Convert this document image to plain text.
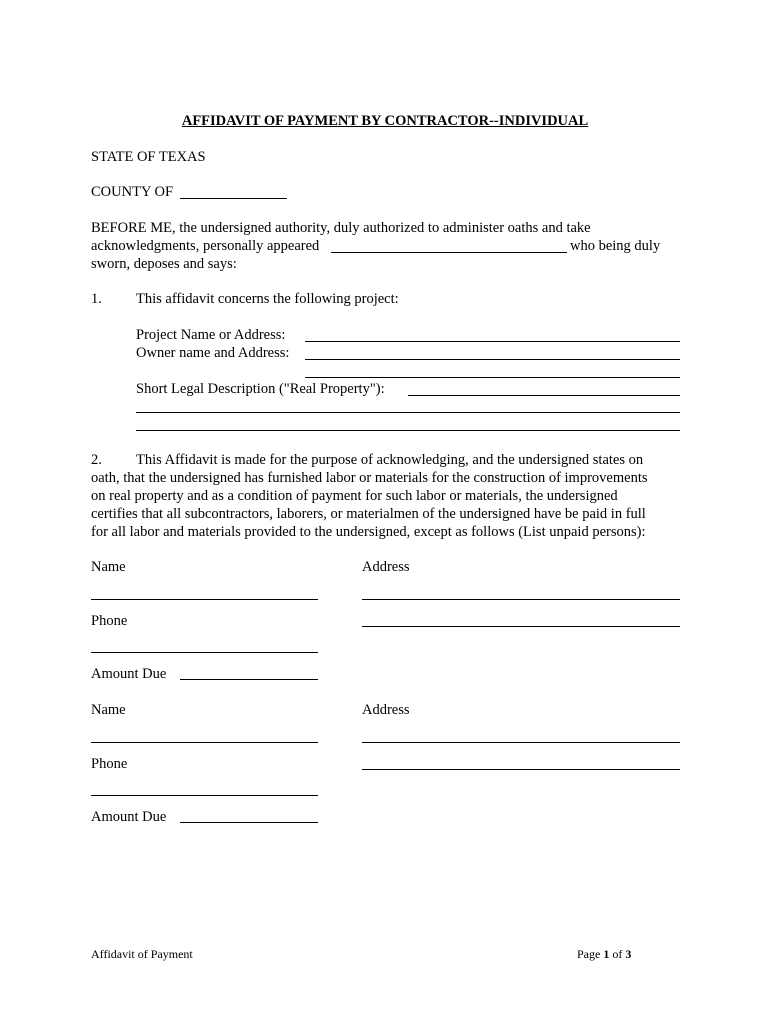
AFFIDAVIT OF PAYMENT BY CONTRACTOR--INDIVIDUAL
STATE OF TEXAS
COUNTY OF
BEFORE ME, the undersigned authority, duly authorized to administer oaths and take
acknowledgments, personally appeared	who being duly
sworn, deposes and says:
1. This affidavit concerns the following project:
Project Name or Address:
Owner name and Address:
Short Legal Description ("Real Property"):
2. This Affidavit is made for the purpose of acknowledging, and the undersigned states on
oath, that the undersigned has furnished labor or materials for the construction of improvements
on real property and as a condition of payment for such labor or materials, the undersigned
certifies that all subcontractors, laborers, or materialmen of the undersigned have be paid in full
for all labor and materials provided to the undersigned, except as follows (List unpaid persons):
Name	Address
Phone
Amount Due
Name	Address
Phone
Amount Due
Affidavit of Payment	Page 1 of 3
